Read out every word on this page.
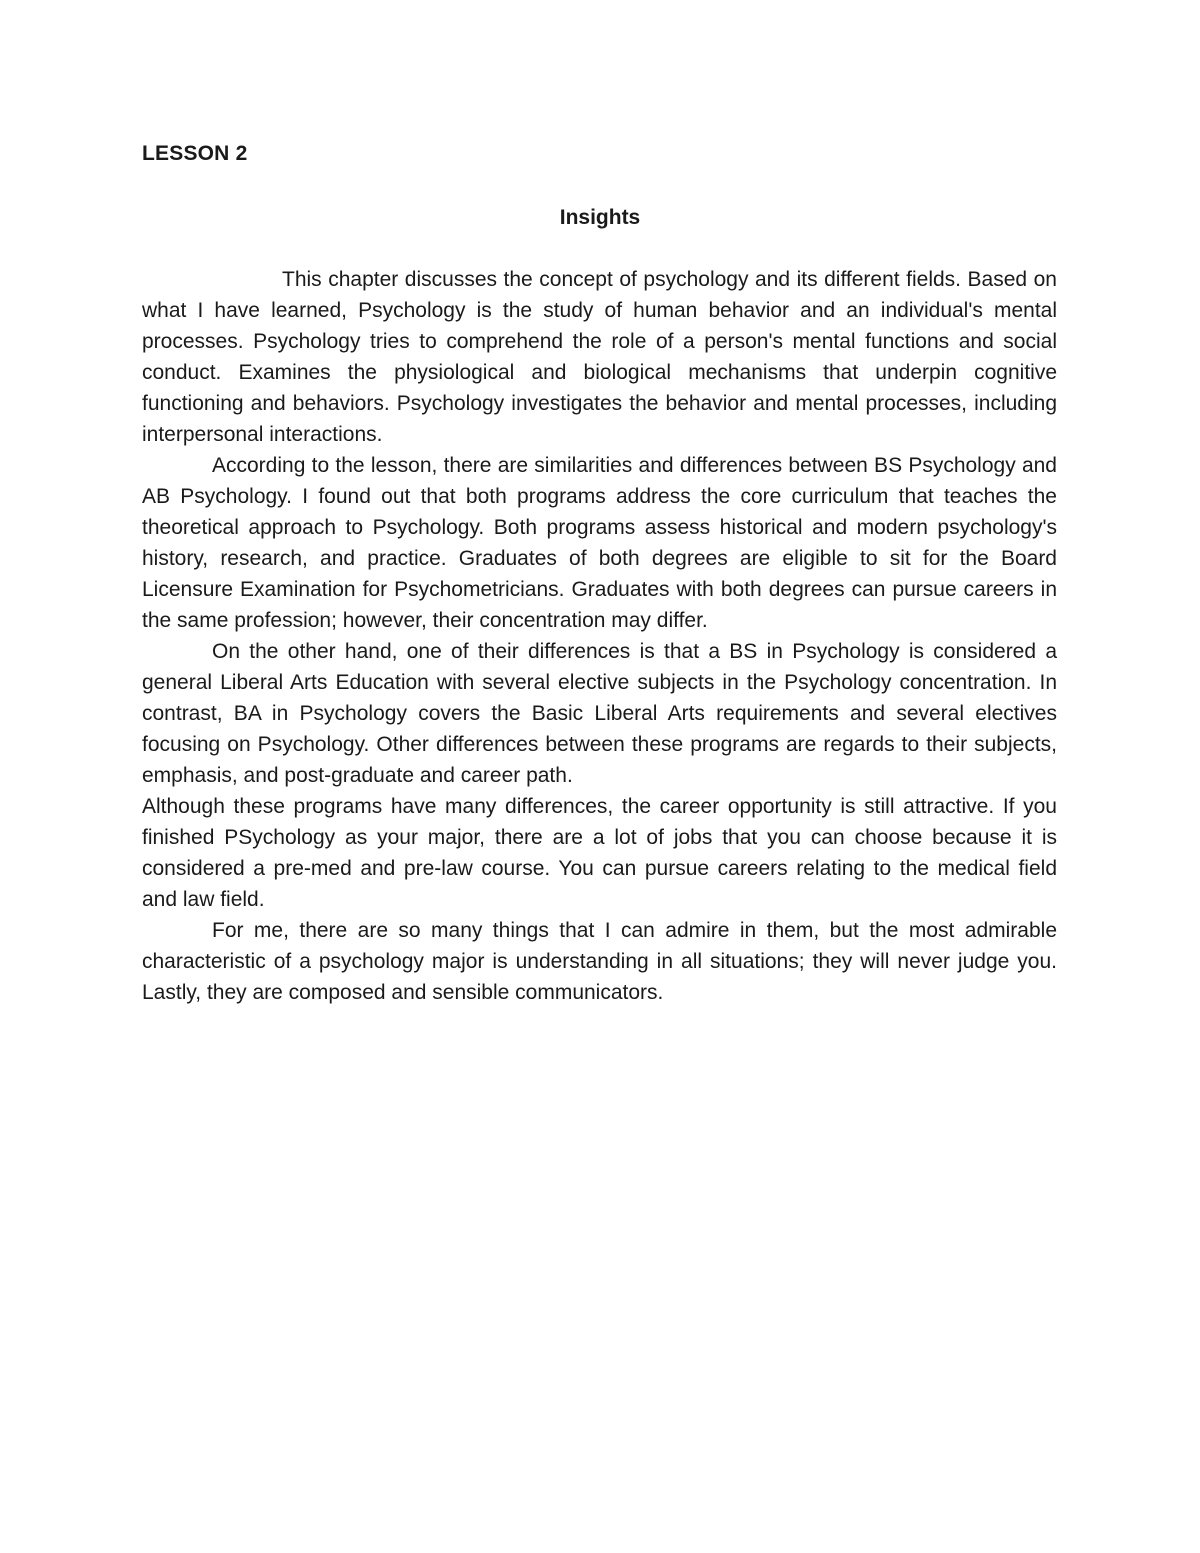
LESSON 2
Insights

This chapter discusses the concept of psychology and its different fields. Based on what I have learned, Psychology is the study of human behavior and an individual's mental processes. Psychology tries to comprehend the role of a person's mental functions and social conduct. Examines the physiological and biological mechanisms that underpin cognitive functioning and behaviors. Psychology investigates the behavior and mental processes, including interpersonal interactions.

According to the lesson, there are similarities and differences between BS Psychology and AB Psychology. I found out that both programs address the core curriculum that teaches the theoretical approach to Psychology. Both programs assess historical and modern psychology's history, research, and practice. Graduates of both degrees are eligible to sit for the Board Licensure Examination for Psychometricians. Graduates with both degrees can pursue careers in the same profession; however, their concentration may differ.

On the other hand, one of their differences is that a BS in Psychology is considered a general Liberal Arts Education with several elective subjects in the Psychology concentration. In contrast, BA in Psychology covers the Basic Liberal Arts requirements and several electives focusing on Psychology. Other differences between these programs are regards to their subjects, emphasis, and post-graduate and career path.

Although these programs have many differences, the career opportunity is still attractive. If you finished PSychology as your major, there are a lot of jobs that you can choose because it is considered a pre-med and pre-law course. You can pursue careers relating to the medical field and law field.

For me, there are so many things that I can admire in them, but the most admirable characteristic of a psychology major is understanding in all situations; they will never judge you. Lastly, they are composed and sensible communicators.
